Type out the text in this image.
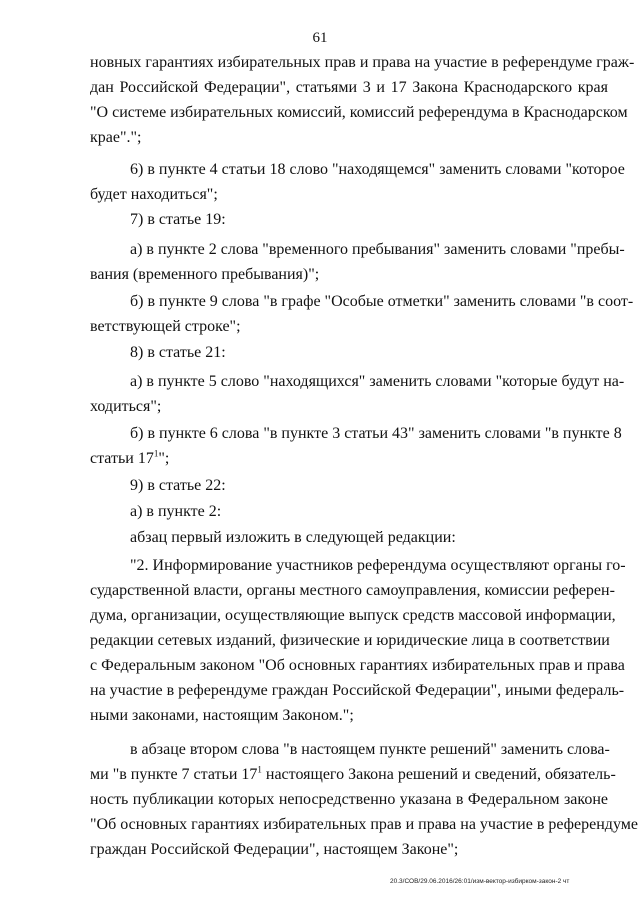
61
новных гарантиях избирательных прав и права на участие в референдуме граж-
дан Российской Федерации", статьями 3 и 17 Закона Краснодарского края
"О системе избирательных комиссий, комиссий референдума в Краснодарском
крае".";
6) в пункте 4 статьи 18 слово "находящемся" заменить словами "которое
будет находиться";
7) в статье 19:
а) в пункте 2 слова "временного пребывания" заменить словами "пребы-
вания (временного пребывания)";
б) в пункте 9 слова "в графе "Особые отметки" заменить словами "в соот-
ветствующей строке";
8) в статье 21:
а) в пункте 5 слово "находящихся" заменить словами "которые будут на-
ходиться";
б) в пункте 6 слова "в пункте 3 статьи 43" заменить словами "в пункте 8
статьи $17^1$";
9) в статье 22:
а) в пункте 2:
абзац первый изложить в следующей редакции:
"2. Информирование участников референдума осуществляют органы го-
сударственной власти, органы местного самоуправления, комиссии референ-
дума, организации, осуществляющие выпуск средств массовой информации,
редакции сетевых изданий, физические и юридические лица в соответствии
с Федеральным законом "Об основных гарантиях избирательных прав и права
на участие в референдуме граждан Российской Федерации", иными федераль-
ными законами, настоящим Законом.";
в абзаце втором слова "в настоящем пункте решений" заменить слова-
ми "в пункте 7 статьи $17^1$ настоящего Закона решений и сведений, обязатель-
ность публикации которых непосредственно указана в Федеральном законе
"Об основных гарантиях избирательных прав и права на участие в референдуме
граждан Российской Федерации", настоящем Законе";
20.3/СОВ/29.06.2016/26:01/изм-вектор-избирком-закон-2 чт
